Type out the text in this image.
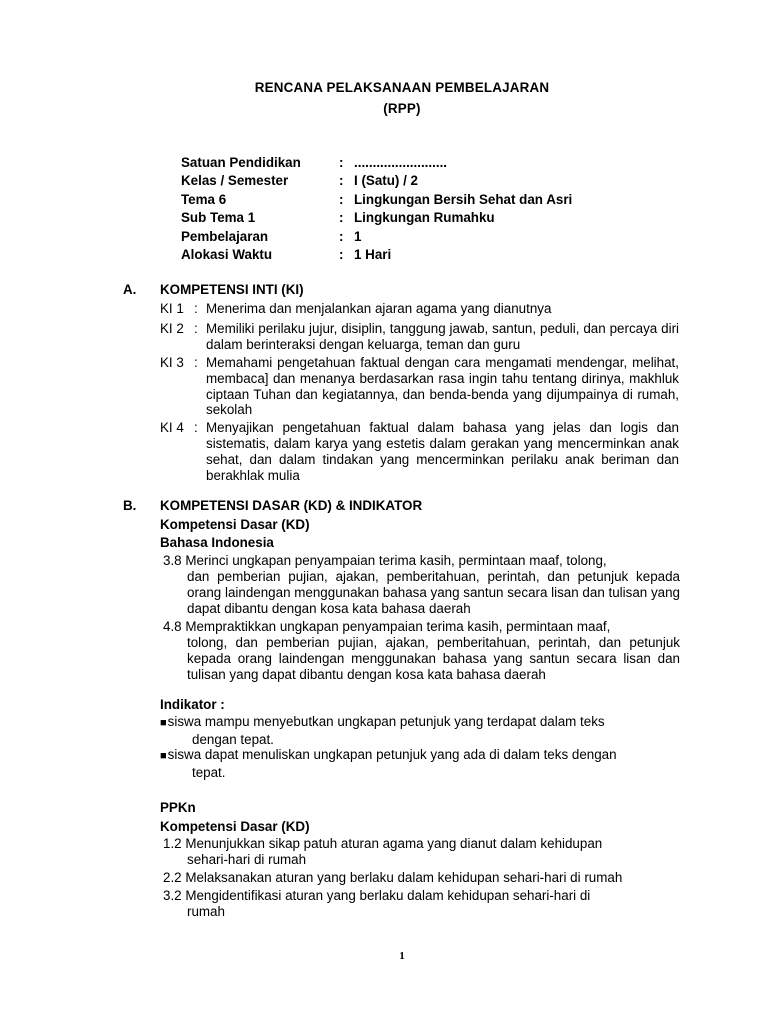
RENCANA PELAKSANAAN PEMBELAJARAN
(RPP)
Satuan Pendidikan	: .........................
Kelas / Semester	: I (Satu) / 2
Tema 6	: Lingkungan Bersih Sehat dan Asri
Sub Tema 1	: Lingkungan Rumahku
Pembelajaran	: 1
Alokasi Waktu	: 1 Hari
A.	KOMPETENSI INTI (KI)
KI 1 : Menerima dan menjalankan ajaran agama yang dianutnya
KI 2 : Memiliki perilaku jujur, disiplin, tanggung jawab, santun, peduli, dan percaya diri dalam berinteraksi dengan keluarga, teman dan guru
KI 3 : Memahami pengetahuan faktual dengan cara mengamati mendengar, melihat, membaca] dan menanya berdasarkan rasa ingin tahu tentang dirinya, makhluk ciptaan Tuhan dan kegiatannya, dan benda-benda yang dijumpainya di rumah, sekolah
KI 4 : Menyajikan pengetahuan faktual dalam bahasa yang jelas dan logis dan sistematis, dalam karya yang estetis dalam gerakan yang mencerminkan anak sehat, dan dalam tindakan yang mencerminkan perilaku anak beriman dan berakhlak mulia
B.	KOMPETENSI DASAR (KD) & INDIKATOR
Kompetensi Dasar (KD)
Bahasa Indonesia
3.8 Merinci ungkapan penyampaian terima kasih, permintaan maaf, tolong,
dan pemberian pujian, ajakan, pemberitahuan, perintah, dan petunjuk kepada orang laindengan menggunakan bahasa yang santun secara lisan dan tulisan yang dapat dibantu dengan kosa kata bahasa daerah
4.8 Mempraktikkan ungkapan penyampaian terima kasih, permintaan maaf,
tolong, dan pemberian pujian, ajakan, pemberitahuan, perintah, dan petunjuk kepada orang laindengan menggunakan bahasa yang santun secara lisan dan tulisan yang dapat dibantu dengan kosa kata bahasa daerah
Indikator :
■siswa mampu menyebutkan ungkapan petunjuk yang terdapat dalam teks
dengan tepat.
■siswa dapat menuliskan ungkapan petunjuk yang ada di dalam teks dengan
tepat.
PPKn
Kompetensi Dasar (KD)
1.2 Menunjukkan sikap patuh aturan agama yang dianut dalam kehidupan
sehari-hari di rumah
2.2 Melaksanakan aturan yang berlaku dalam kehidupan sehari-hari di rumah
3.2 Mengidentifikasi aturan yang berlaku dalam kehidupan sehari-hari di
rumah
1
